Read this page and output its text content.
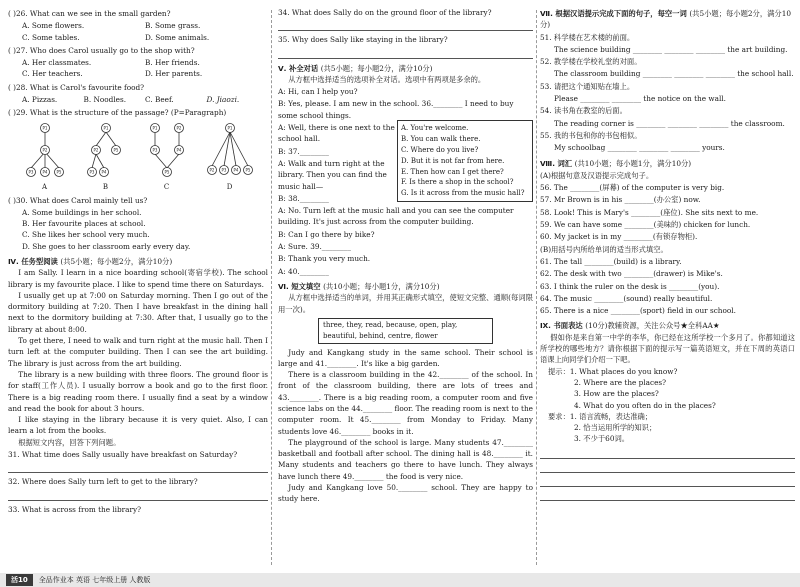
( )26. What can we see in the small garden?
A. Some flowers.	B. Some grass.
C. Some tables.	D. Some animals.
( )27. Who does Carol usually go to the shop with?
A. Her classmates.	B. Her friends.
C. Her teachers.	D. Her parents.
( )28. What is Carol's favourite food?
A. Pizzas.	B. Noodles.	C. Beef.	D. Jiaozi.
( )29. What is the structure of the passage? (P=Paragraph)
P1
P2
P3 P4 P5
A
P1
P2	P5
P3 P4
B
P1	P2
P3	P4
P5
C
P1
P2 P3 P4 P5
D
( )30. What does Carol mainly tell us?
A. Some buildings in her school.
B. Her favourite places at school.
C. She likes her school very much.
D. She goes to her classroom early every day.
Ⅳ. 任务型阅读 (共5小题；每小题2分，满分10分)

I am Sally. I learn in a nice boarding school(寄宿学校). The school library is my favourite place. I like to spend time there on Saturdays.

I usually get up at 7:00 on Saturday morning. Then I go out of the dormitory building at 7:20. Then I have breakfast in the dining hall next to the dormitory building at 7:30. After that, I usually go to the library at about 8:00.

To get there, I need to walk and turn right at the music hall. Then I turn left at the computer building. Then I can see the art building. The library is just across from the art building.

The library is a new building with three floors. The ground floor is for staff(工作人员). I usually borrow a book and go to the first floor. There is a big reading room there. I usually find a seat by a window and read the book for about 3 hours.

I like staying in the library because it is very quiet. Also, I can learn a lot from the books.

根据短文内容，回答下列问题。

31. What time does Sally usually have breakfast on Saturday?
32. Where does Sally turn left to get to the library?
33. What is across from the library?
34. What does Sally do on the ground floor of the library?
35. Why does Sally like staying in the library?
Ⅴ. 补全对话 (共5小题；每小题2分，满分10分)

从方框中选择适当的选项补全对话。选项中有两项是多余的。

A: Hi, can I help you?
B: Yes, please. I am new in the school. 36.________ I need to buy some school things.
A: Well, there is one next to the school hall.
B: 37.________
A: Walk and turn right at the library. Then you can find the music hall—
B: 38.________
A: No. Turn left at the music hall and you can see the computer building. It's just across from the computer building.
B: Can I go there by bike?
A: Sure. 39.________
B: Thank you very much.
A: 40.________
A. You're welcome.
B. You can walk there.
C. Where do you live?
D. But it is not far from here.
E. Then how can I get there?
F. Is there a shop in the school?
G. Is it across from the music hall?
Ⅵ. 短文填空 (共10小题；每小题1分，满分10分)

从方框中选择适当的单词，并用其正确形式填空，使短文完整、通顺(每词限用一次)。

three, they, read, because, open, play, beautiful, behind, centre, flower

Judy and Kangkang study in the same school. Their school is large and 41.________. It's like a big garden.

There is a classroom building in the 42.________ of the school. In front of the classroom building, there are lots of trees and 43.________. There is a big reading room, a computer room and five science labs on the 44.________ floor. The reading room is next to the computer room. It 45.________ from Monday to Friday. Many students love 46.________ books in it.

The playground of the school is large. Many students 47.________ basketball and football after school. The dining hall is 48.________ it. Many students and teachers go there to have lunch. They always have lunch there 49.________ the food is very nice.

Judy and Kangkang love 50.________ school. They are happy to study here.

Ⅶ. 根据汉语提示完成下面的句子，每空一词 (共5小题；每小题2分，满分10分)
51. 科学楼在艺术楼的前面。
The science building ________ ________ ________ the art building.
52. 教学楼在学校礼堂的对面。
The classroom building ________ ________ ________ the school hall.
53. 请把这个通知贴在墙上。
Please ________ ________ the notice on the wall.
54. 读书角在教室的后面。
The reading corner is ________ ________ ________ the classroom.
55. 我的书包和你的书包相似。
My schoolbag ________ ________ ________ yours.
Ⅷ. 词汇 (共10小题；每小题1分，满分10分)
(A)根据句意及汉语提示完成句子。
56. The ________(屏幕) of the computer is very big.
57. Mr Brown is in his ________(办公室) now.
58. Look! This is Mary's ________(座位). She sits next to me.
59. We can have some ________(美味的) chicken for lunch.
60. My jacket is in my ________(有锁存物柜).
(B)用括号内所给单词的适当形式填空。
61. The tall ________(build) is a library.
62. The desk with two ________(drawer) is Mike's.
63. I think the ruler on the desk is ________(you).
64. The music ________(sound) really beautiful.
65. There is a nice ________(sport) field in our school.
Ⅸ. 书面表达 (10分)教辅资源，关注公众号★全科AA★

假如你是来自第一中学的李华，你已经在这所学校一个多月了。你都知道这所学校的哪些地方？请你根据下面的提示写一篇英语短文，并在下周的英语口语课上向同学们介绍一下吧。

提示：1. What places do you know?
2. Where are the places?
3. How are the places?
4. What do you often do in the places?
要求：1. 语言流畅，表达准确；
2. 恰当运用所学的知识；
3. 不少于60词。
活10	全品作业本 英语 七年级上册 人教版
